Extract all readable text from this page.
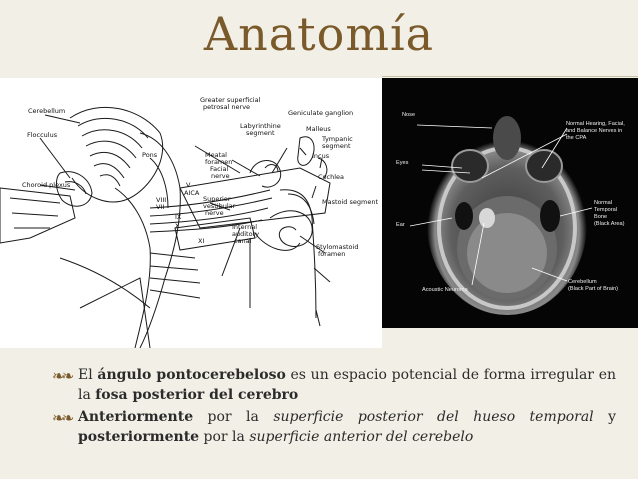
Anatomía
Cerebellum
Flocculus
Pons
Choroid plexus
Greater superficial
petrosal nerve
Labyrinthine
segment
Geniculate ganglion
Malleus
Tympanic
segment
Incus
Meatal
foramen
Facial
nerve
V
AICA
Cochlea
Mastoid segment
VII
VIII
IX
X
XI
Superior
vestibular
nerve
Internal
auditory
canal
Stylomastoid
foramen
Nose
Normal Hearing, Facial,
and Balance Nerves in
the CPA
Eyes
Ear
Normal
Temporal
Bone
(Black Area)
Acoustic Neuroma
Cerebellum
(Black Part of Brain)
❧❧ El ángulo pontocerebeloso es un espacio potencial de forma irregular en la fosa posterior del cerebro
❧❧ Anteriormente por la superficie posterior del hueso temporal y posteriormente por la superficie anterior del cerebelo
